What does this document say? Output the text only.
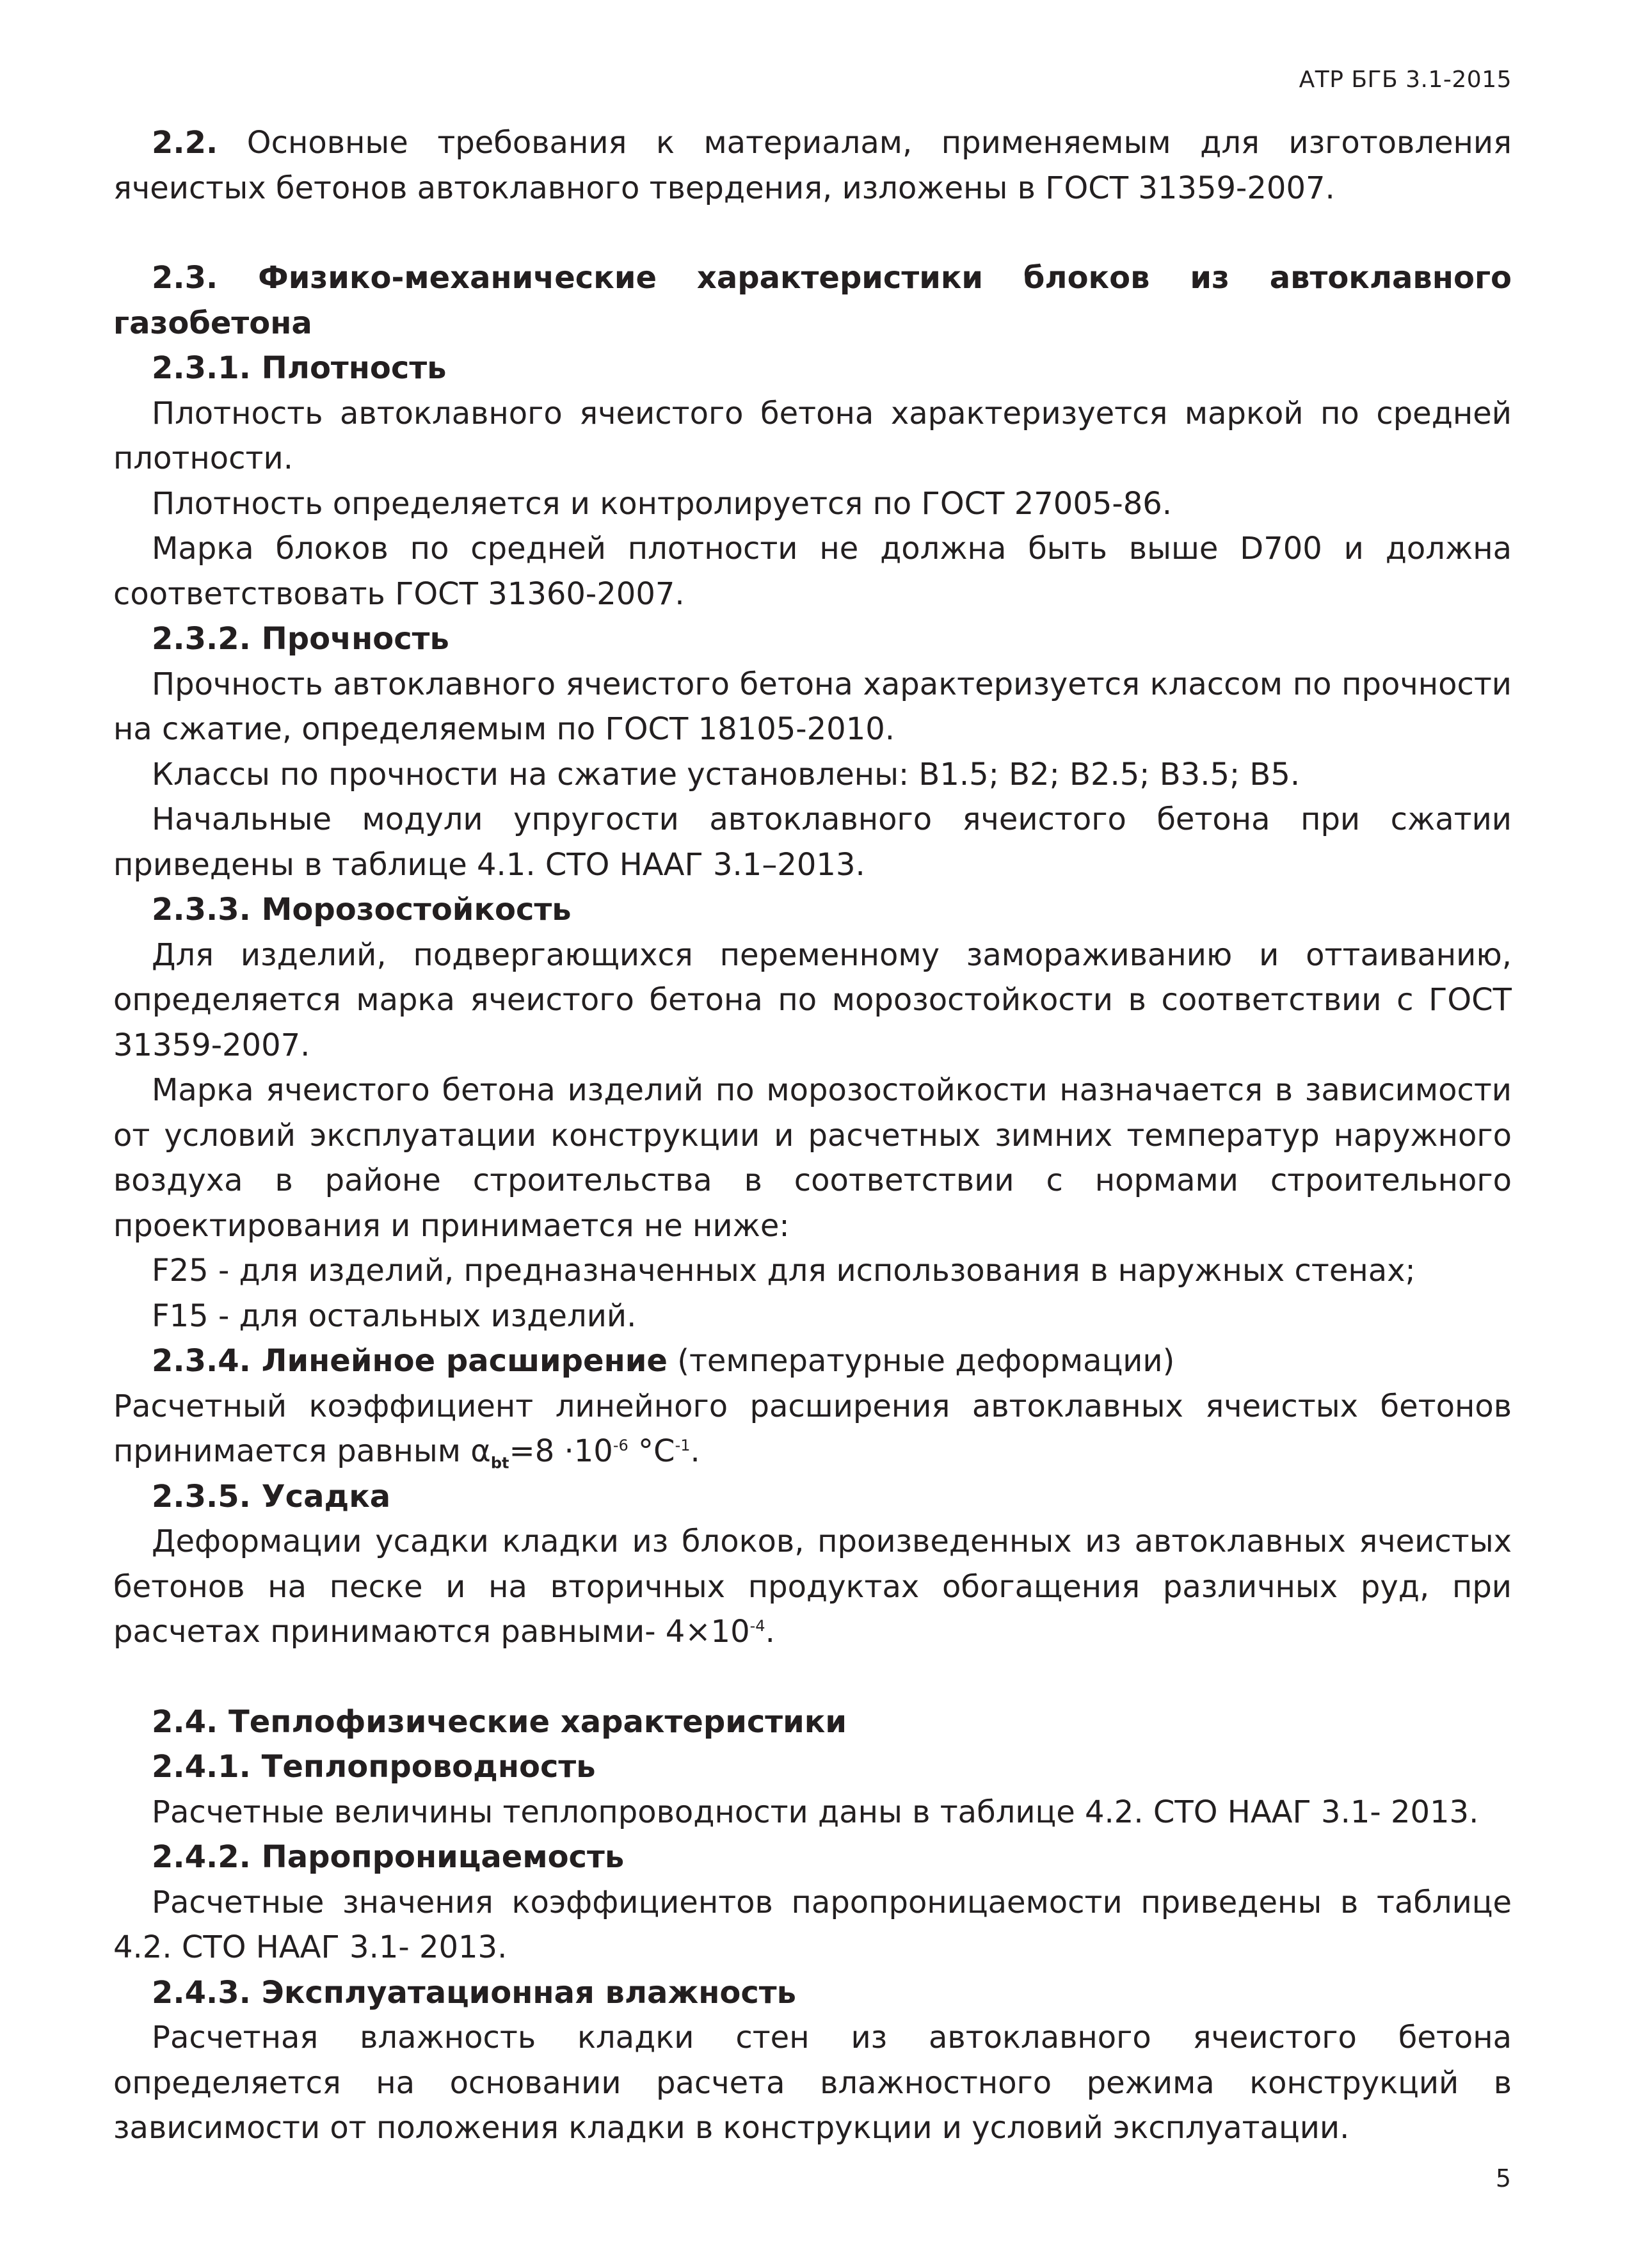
АТР БГБ 3.1-2015

2.2. Основные требования к материалам, применяемым для изготовления ячеистых бетонов автоклавного твердения, изложены в ГОСТ 31359-2007.

2.3. Физико-механические характеристики блоков из автоклавного газобетона

2.3.1. Плотность

Плотность автоклавного ячеистого бетона характеризуется маркой по средней плотности.

Плотность определяется и контролируется по ГОСТ 27005-86.

Марка блоков по средней плотности не должна быть выше D700 и должна соответствовать ГОСТ 31360-2007.

2.3.2. Прочность

Прочность автоклавного ячеистого бетона характеризуется классом по прочности на сжатие, определяемым по ГОСТ 18105-2010.

Классы по прочности на сжатие установлены: B1.5; B2; B2.5; B3.5; B5.

Начальные модули упругости автоклавного ячеистого бетона при сжатии приведены в таблице 4.1. СТО НААГ 3.1–2013.

2.3.3. Морозостойкость

Для изделий, подвергающихся переменному замораживанию и оттаиванию, определяется марка ячеистого бетона по морозостойкости в соответствии с ГОСТ 31359-2007.

Марка ячеистого бетона изделий по морозостойкости назначается в зависимости от условий эксплуатации конструкции и расчетных зимних температур наружного воздуха в районе строительства в соответствии с нормами строительного проектирования и принимается не ниже:

F25 - для изделий, предназначенных для использования в наружных стенах;

F15 - для остальных изделий.

2.3.4. Линейное расширение (температурные деформации)

Расчетный коэффициент линейного расширения автоклавных ячеистых бетонов принимается равным $\alpha_{bt}=8 \cdot 10^{-6}$ $^\circ С^{-1}$.

2.3.5. Усадка

Деформации усадки кладки из блоков, произведенных из автоклавных ячеистых бетонов на песке и на вторичных продуктах обогащения различных руд, при расчетах принимаются равными- $4\times 10^{-4}$.

2.4. Теплофизические характеристики

2.4.1. Теплопроводность

Расчетные величины теплопроводности даны в таблице 4.2. СТО НААГ 3.1- 2013.

2.4.2. Паропроницаемость

Расчетные значения коэффициентов паропроницаемости приведены в таблице 4.2. СТО НААГ 3.1- 2013.

2.4.3. Эксплуатационная влажность

Расчетная влажность кладки стен из автоклавного ячеистого бетона определяется на основании расчета влажностного режима конструкций в зависимости от положения кладки в конструкции и условий эксплуатации.

5
